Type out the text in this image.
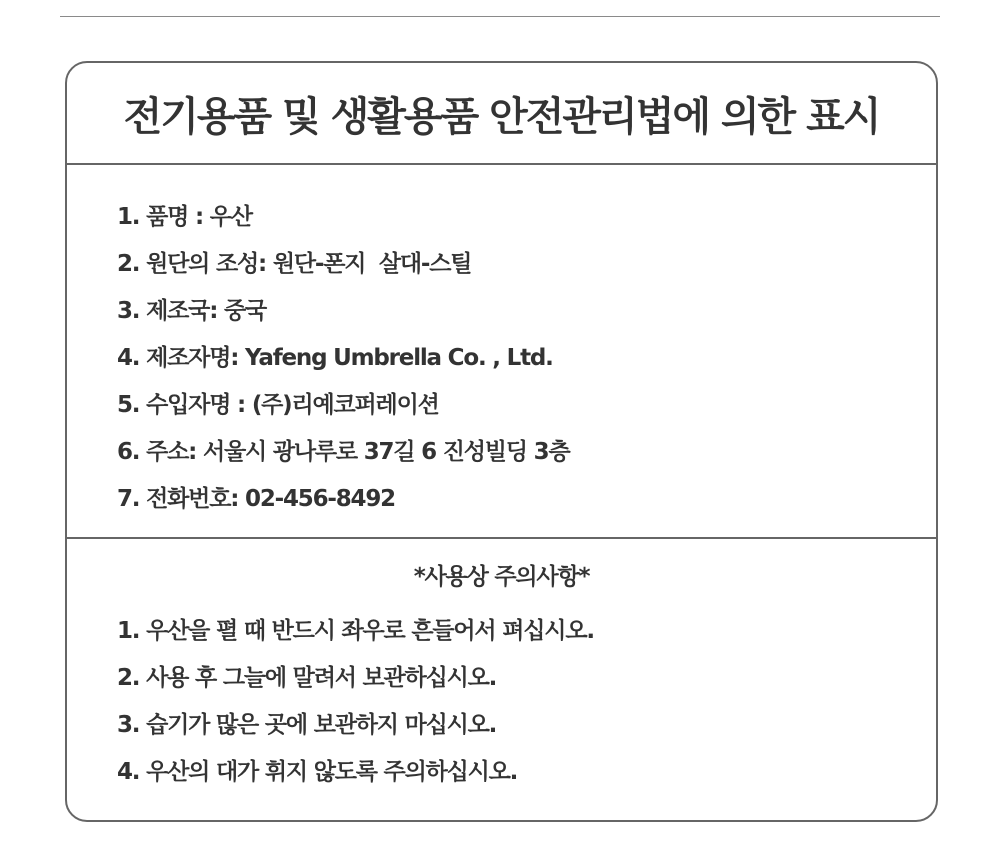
전기용품 및 생활용품 안전관리법에 의한 표시
1. 품명 : 우산
2. 원단의 조성: 원단-폰지  살대-스틸
3. 제조국: 중국
4. 제조자명: Yafeng Umbrella Co. , Ltd.
5. 수입자명 : (주)리예코퍼레이션
6. 주소: 서울시 광나루로 37길 6 진성빌딩 3층
7. 전화번호: 02-456-8492
*사용상 주의사항*
1. 우산을 펼 때 반드시 좌우로 흔들어서 펴십시오.
2. 사용 후 그늘에 말려서 보관하십시오.
3. 습기가 많은 곳에 보관하지 마십시오.
4. 우산의 대가 휘지 않도록 주의하십시오.
